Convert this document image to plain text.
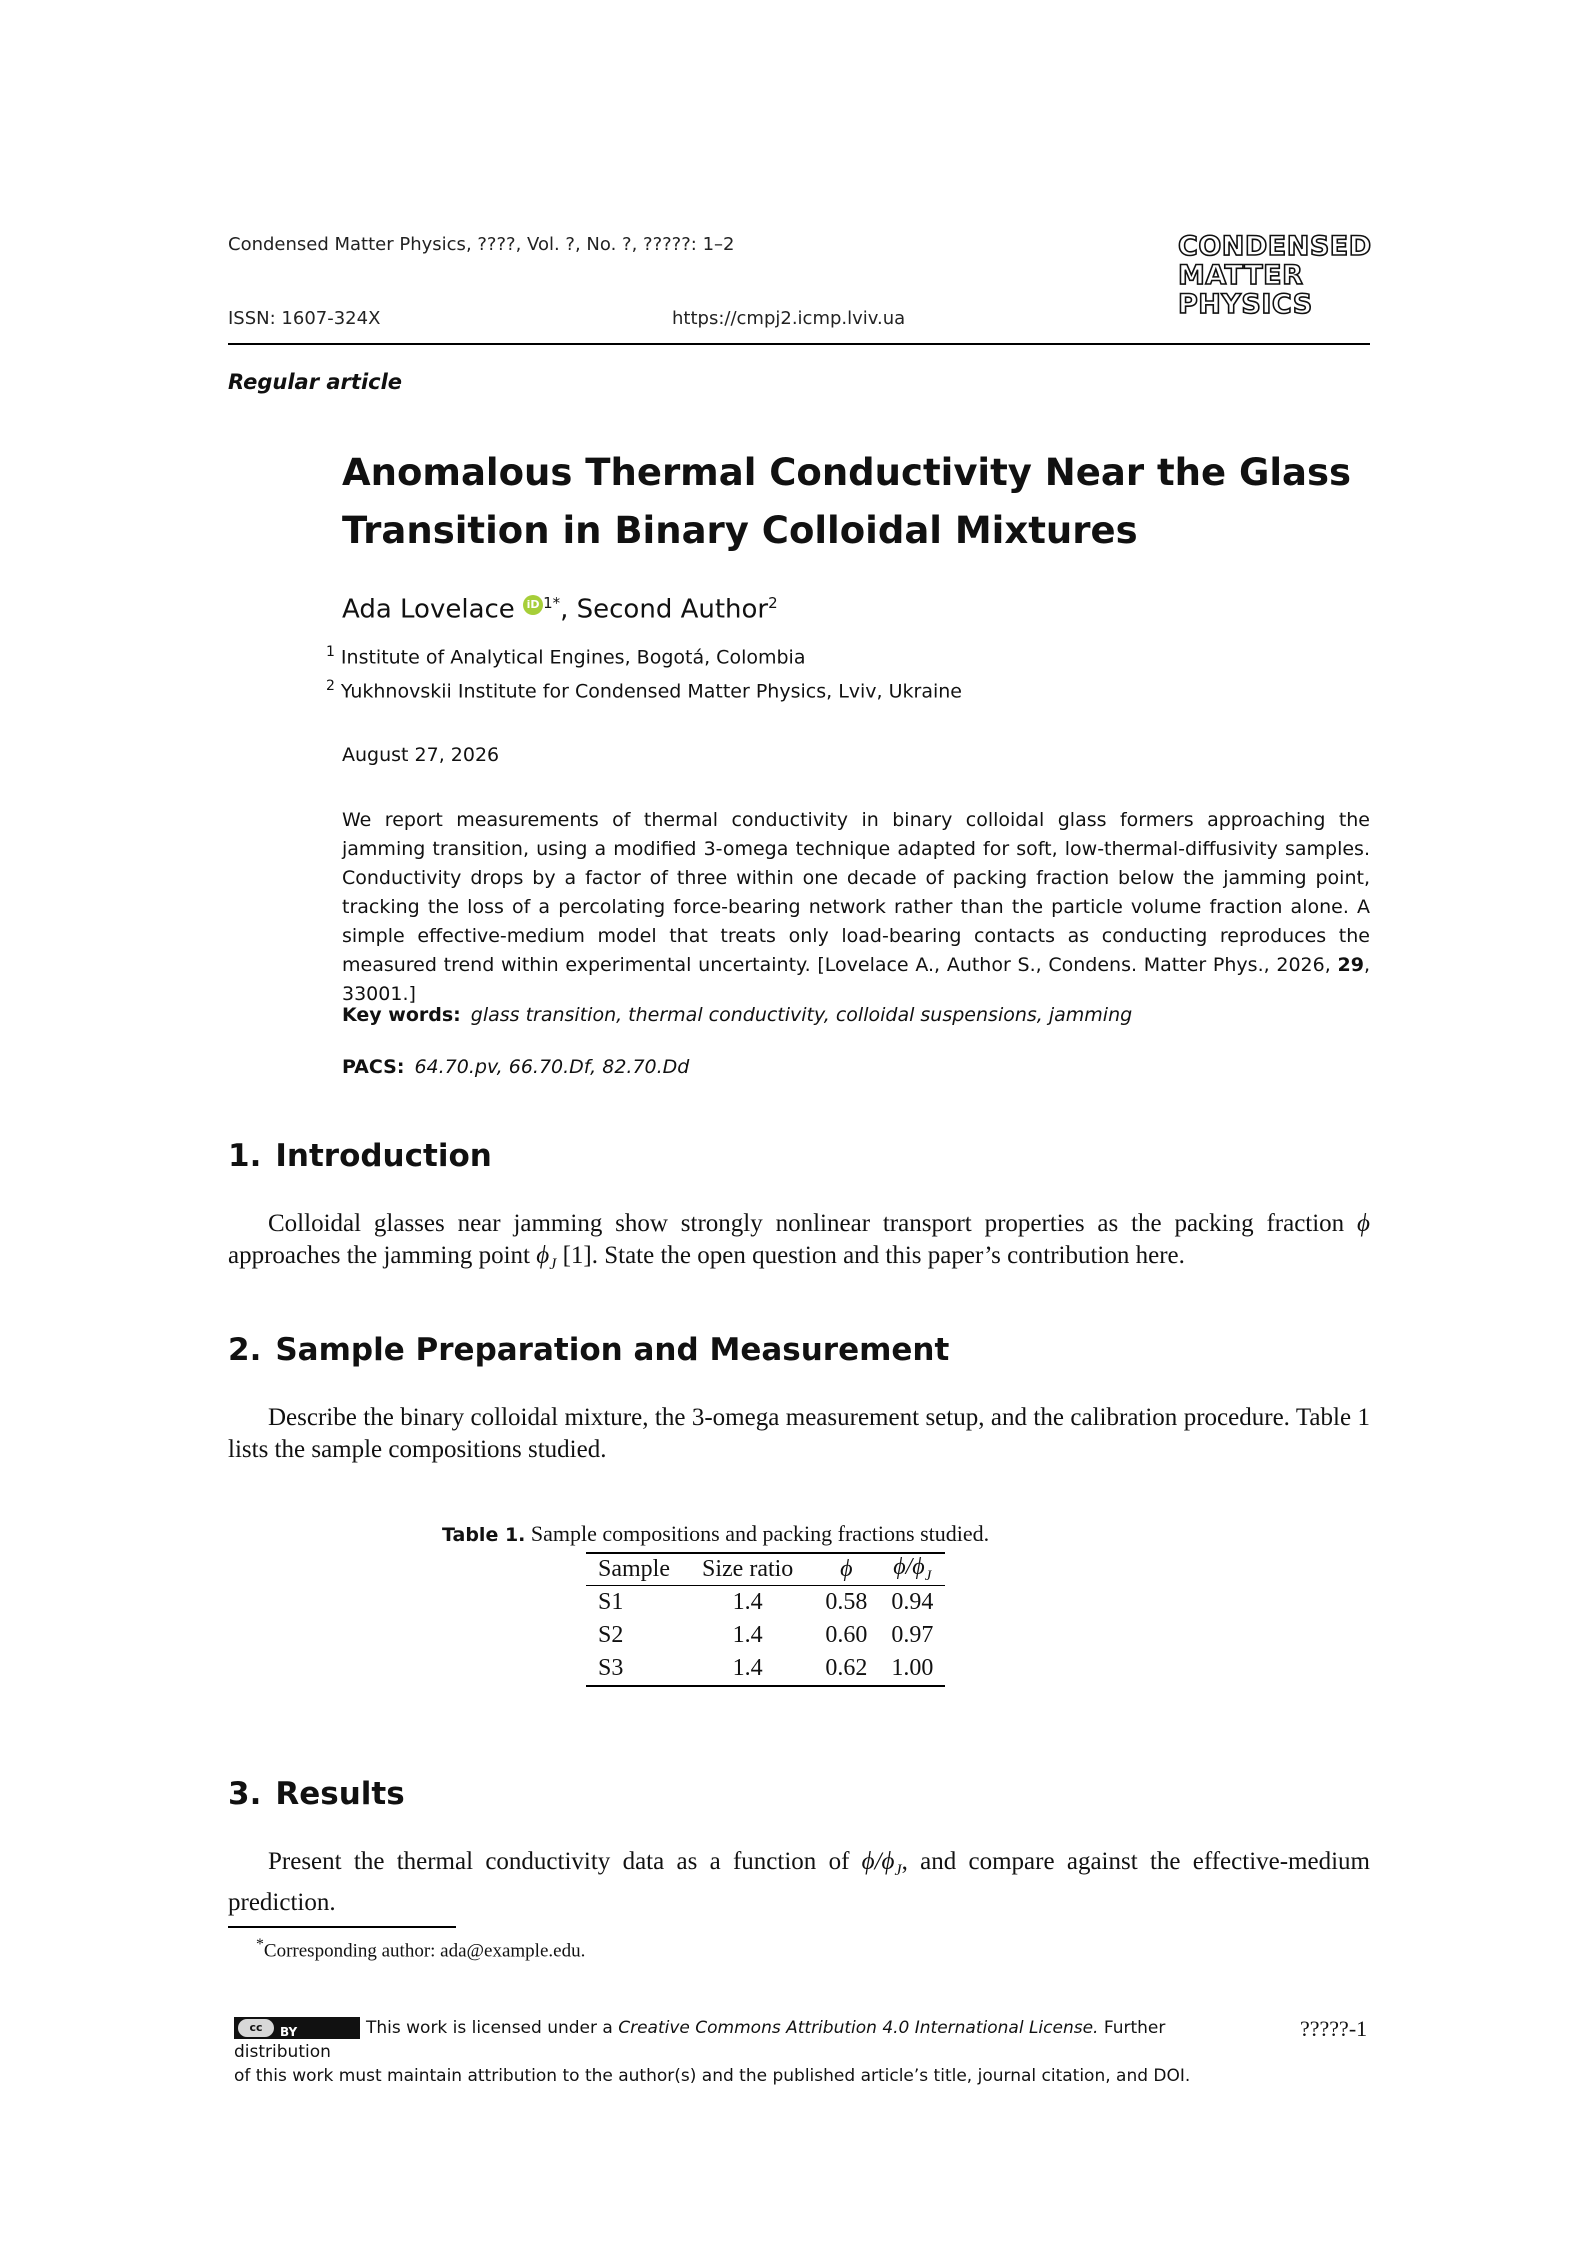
Condensed Matter Physics, ????, Vol. ?, No. ?, ?????: 1–2
ISSN: 1607-324X	https://cmpj2.icmp.lviv.ua
CONDENSED
MATTER
PHYSICS
Regular article
Anomalous Thermal Conductivity Near the Glass
Transition in Binary Colloidal Mixtures
Ada Lovelace iD $^{1*}$, Second Author$^2$
$^1$ Institute of Analytical Engines, Bogotá, Colombia
$^2$ Yukhnovskii Institute for Condensed Matter Physics, Lviv, Ukraine
August 27, 2026
We report measurements of thermal conductivity in binary colloidal glass formers approaching the jamming transition, using a modified 3-omega technique adapted for soft, low-thermal-diffusivity samples. Conductivity drops by a factor of three within one decade of packing fraction below the jamming point, tracking the loss of a percolating force-bearing network rather than the particle volume fraction alone. A simple effective-medium model that treats only load-bearing contacts as conducting reproduces the measured trend within experimental uncertainty. [Lovelace A., Author S., Condens. Matter Phys., 2026, 29, 33001.]
Key words: glass transition, thermal conductivity, colloidal suspensions, jamming
PACS: 64.70.pv, 66.70.Df, 82.70.Dd
1. Introduction
Colloidal glasses near jamming show strongly nonlinear transport properties as the packing fraction ϕ approaches the jamming point $\phi_J$ [1]. State the open question and this paper’s contribution here.
2. Sample Preparation and Measurement
Describe the binary colloidal mixture, the 3-omega measurement setup, and the calibration procedure. Table 1 lists the sample compositions studied.
Table 1. Sample compositions and packing fractions studied.
Sample	Size ratio	ϕ	$\phi/\phi_J$
S1	1.4	0.58	0.94
S2	1.4	0.60	0.97
S3	1.4	0.62	1.00
3. Results
Present the thermal conductivity data as a function of $\phi/\phi_J$, and compare against the effective-medium prediction.
*Corresponding author: ada@example.edu.
cc	BY	This work is licensed under a Creative Commons Attribution 4.0 International License. Further distribution
of this work must maintain attribution to the author(s) and the published article’s title, journal citation, and DOI.
?????-1
